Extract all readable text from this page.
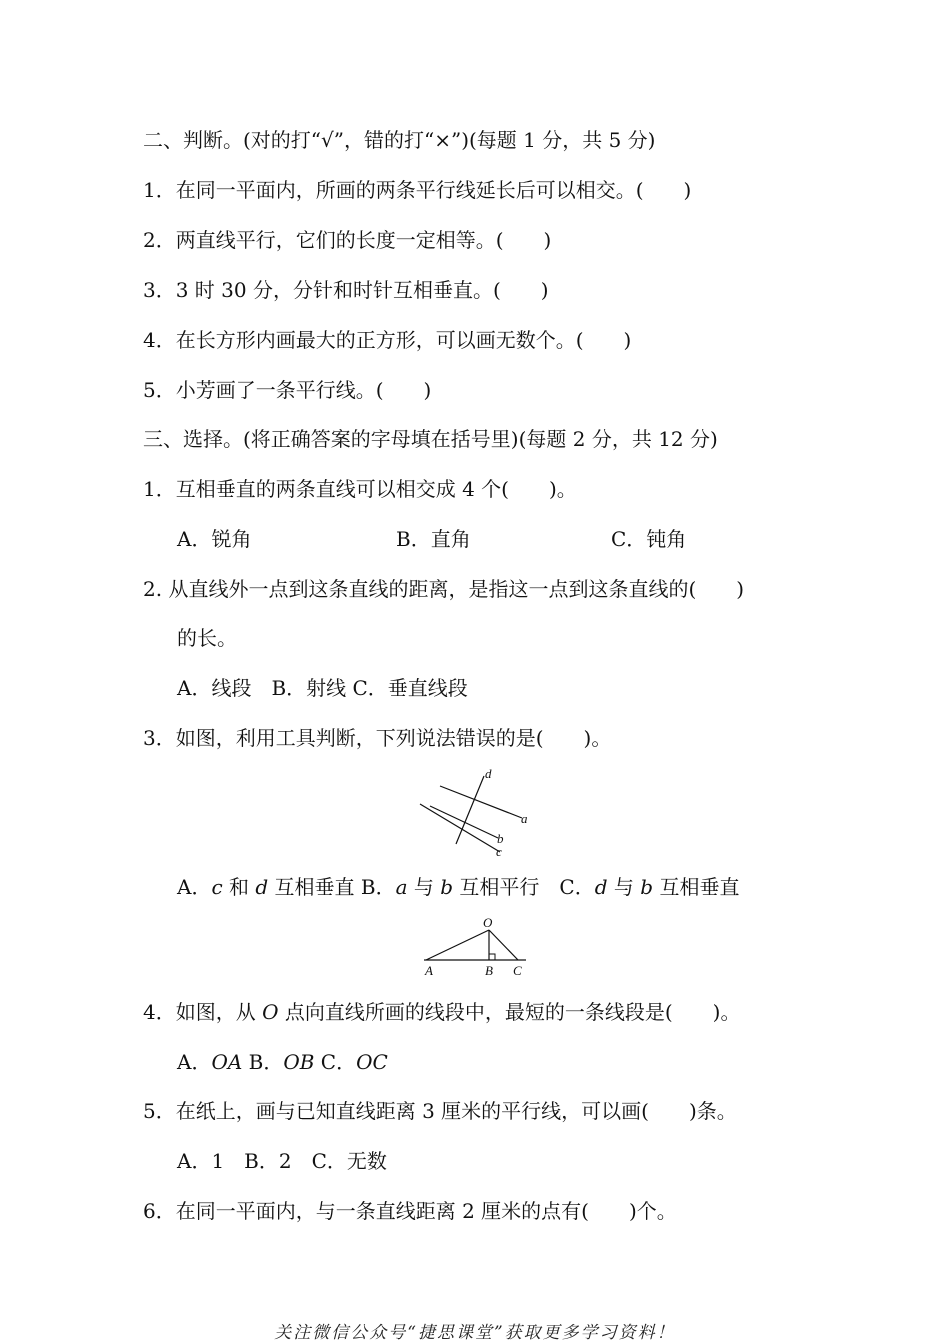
二、判断。(对的打“√”，错的打“×”)(每题 1 分，共 5 分)
1．在同一平面内，所画的两条平行线延长后可以相交。(　　)
2．两直线平行，它们的长度一定相等。(　　)
3．3 时 30 分，分针和时针互相垂直。(　　)
4．在长方形内画最大的正方形，可以画无数个。(　　)
5．小芳画了一条平行线。(　　)
三、选择。(将正确答案的字母填在括号里)(每题 2 分，共 12 分)
1．互相垂直的两条直线可以相交成 4 个(　　)。
A．锐角	B．直角	C．钝角
2. 从直线外一点到这条直线的距离，是指这一点到这条直线的(　　)
的长。
A．线段　B．射线 C．垂直线段
3．如图，利用工具判断，下列说法错误的是(　　)。
d
a
b
c
A．c 和 d 互相垂直 B．a 与 b 互相平行　C．d 与 b 互相垂直
O
A	B C
4．如图，从 O 点向直线所画的线段中，最短的一条线段是(　　)。
A．OA B．OB C．OC
5．在纸上，画与已知直线距离 3 厘米的平行线，可以画(　　)条。
A．1　B．2　C．无数
6．在同一平面内，与一条直线距离 2 厘米的点有(　　)个。
关注微信公众号“捷思课堂”获取更多学习资料！
